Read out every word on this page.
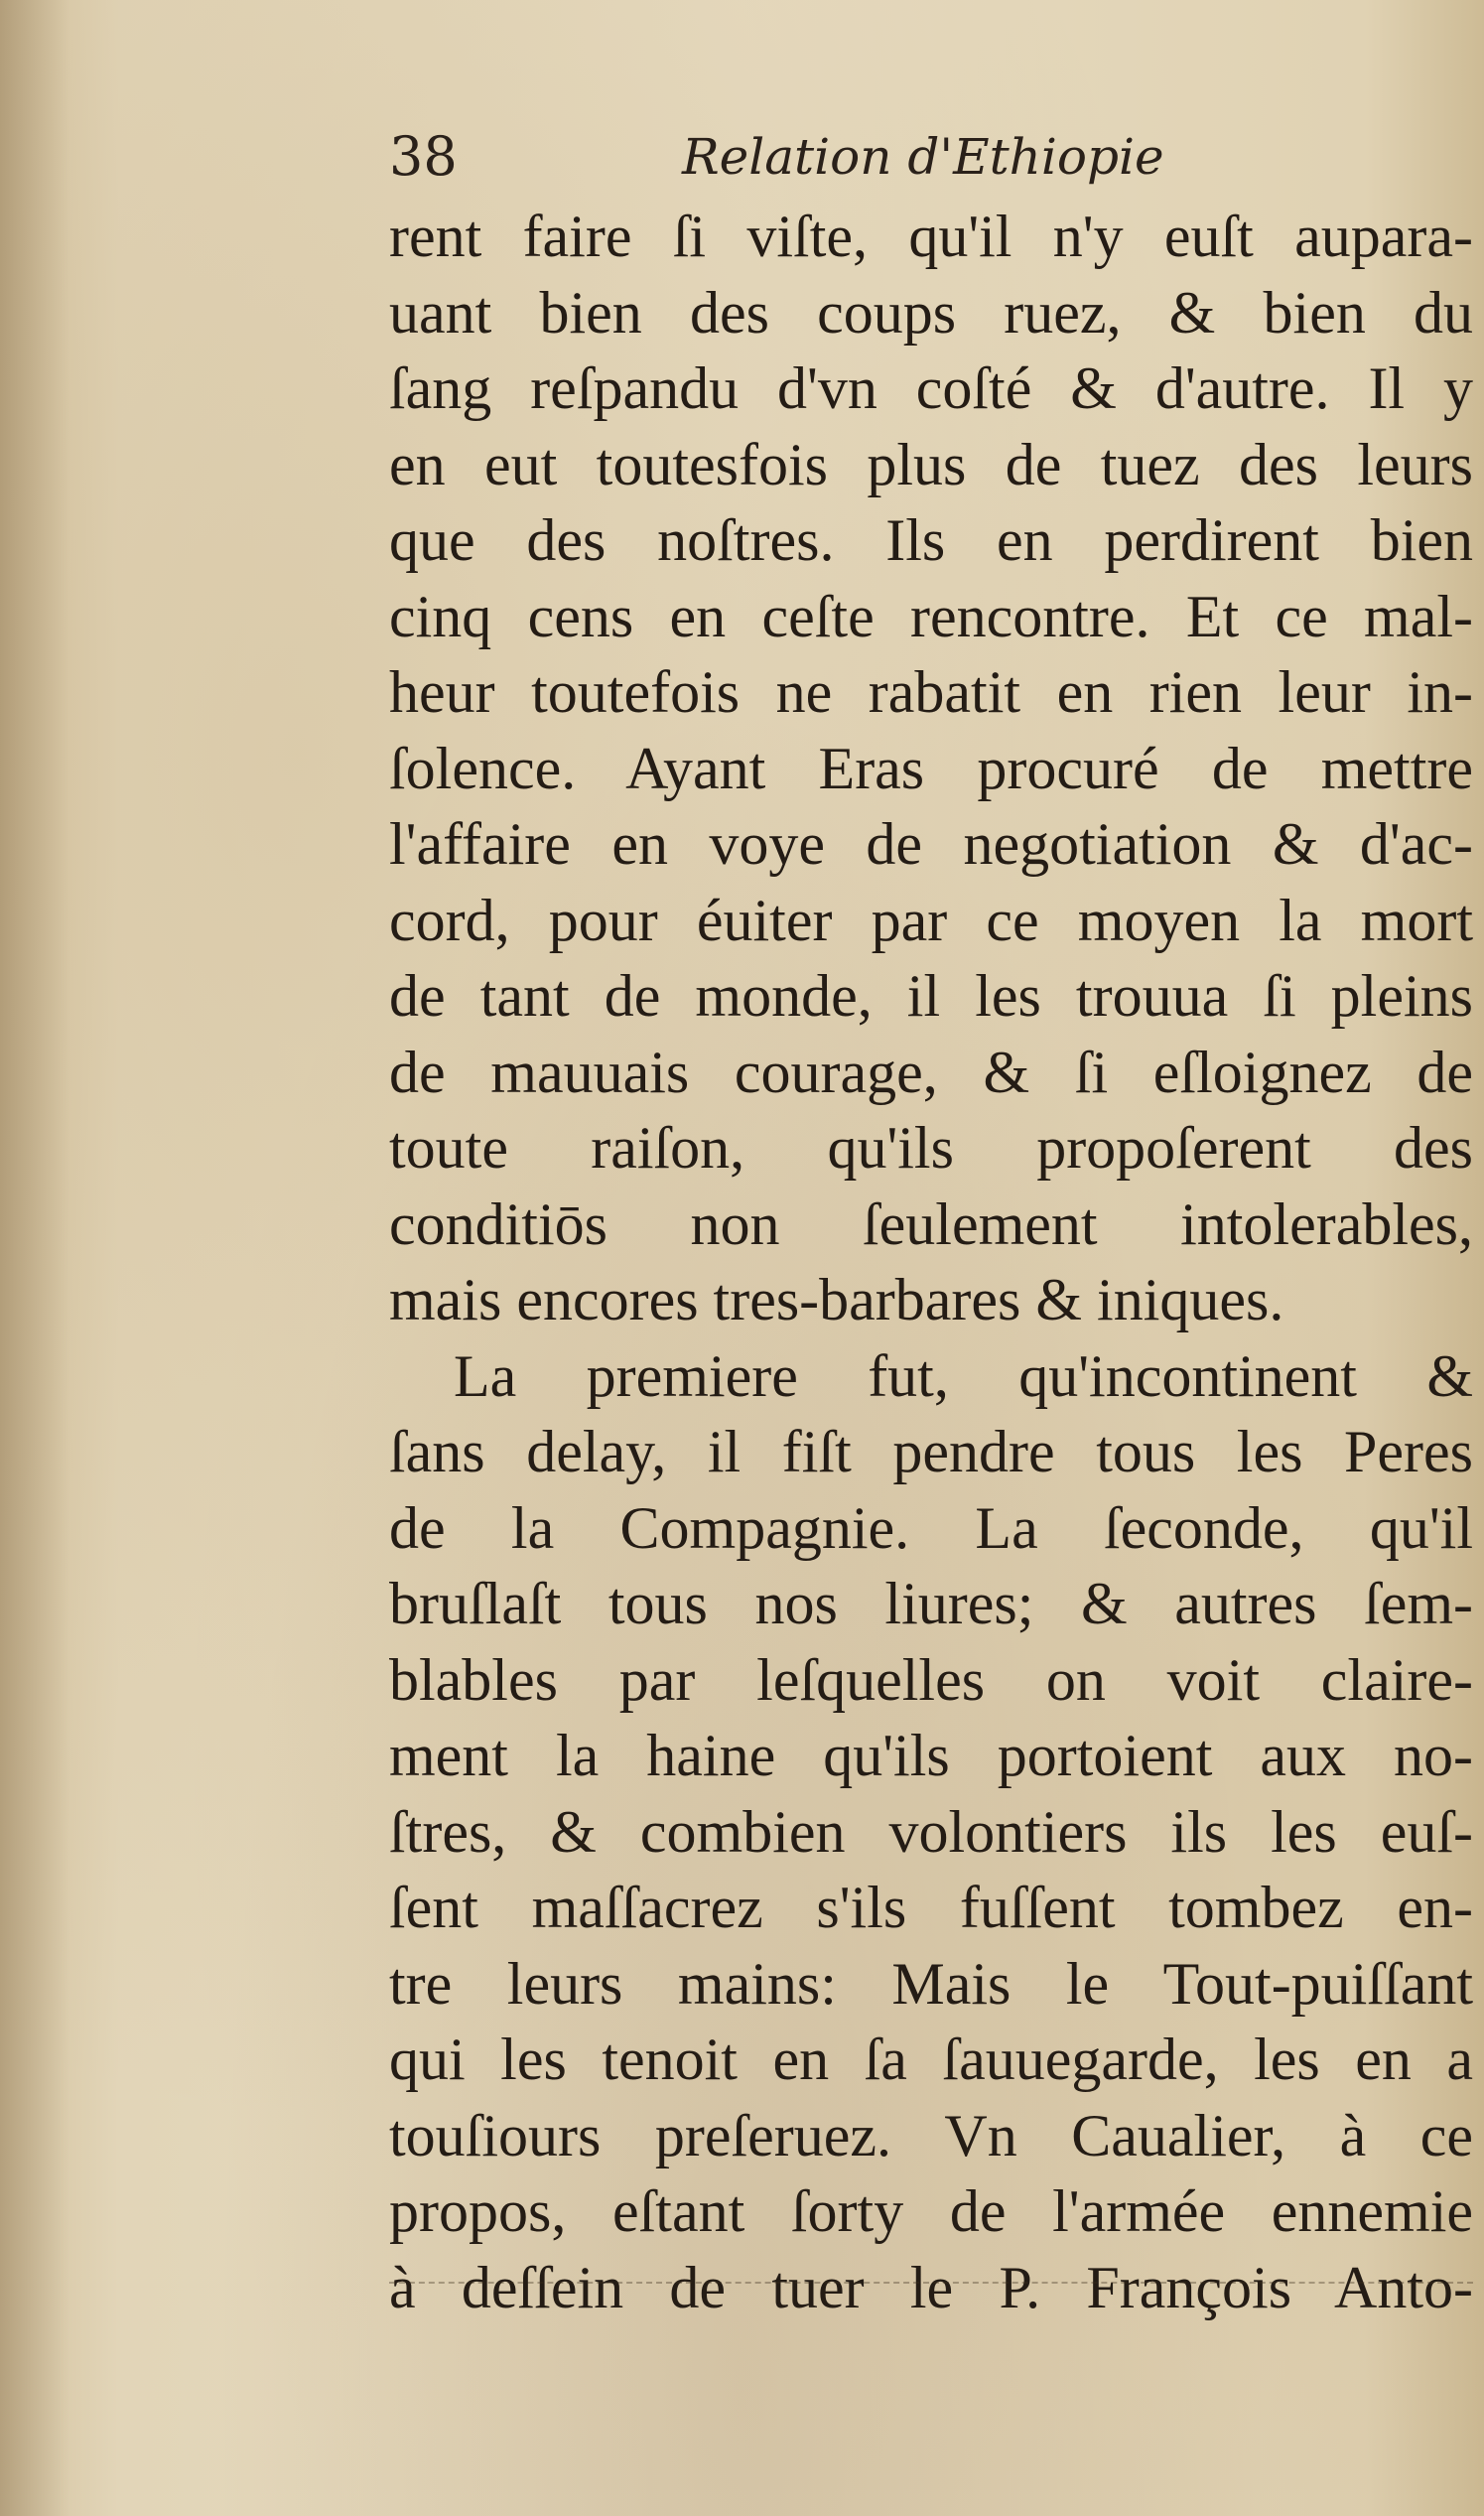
38	Relation d'Ethiopie
rent faire ſi viſte, qu'il n'y euſt aupara-
uant bien des coups ruez, & bien du
ſang reſpandu d'vn coſté & d'autre. Il y
en eut toutesfois plus de tuez des leurs
que des noſtres. Ils en perdirent bien
cinq cens en ceſte rencontre. Et ce mal-
heur toutefois ne rabatit en rien leur in-
ſolence. Ayant Eras procuré de mettre
l'affaire en voye de negotiation & d'ac-
cord, pour éuiter par ce moyen la mort
de tant de monde, il les trouua ſi pleins
de mauuais courage, & ſi eſloignez de
toute raiſon, qu'ils propoſerent des
conditiōs non ſeulement intolerables,
mais encores tres-barbares & iniques.
La premiere fut, qu'incontinent &
ſans delay, il fiſt pendre tous les Peres
de la Compagnie. La ſeconde, qu'il
bruſlaſt tous nos liures; & autres ſem-
blables par leſquelles on voit claire-
ment la haine qu'ils portoient aux no-
ſtres, & combien volontiers ils les euſ-
ſent maſſacrez s'ils fuſſent tombez en-
tre leurs mains: Mais le Tout-puiſſant
qui les tenoit en ſa ſauuegarde, les en a
touſiours preſeruez. Vn Caualier, à ce
propos, eſtant ſorty de l'armée ennemie
à deſſein de tuer le P. François Anto-
